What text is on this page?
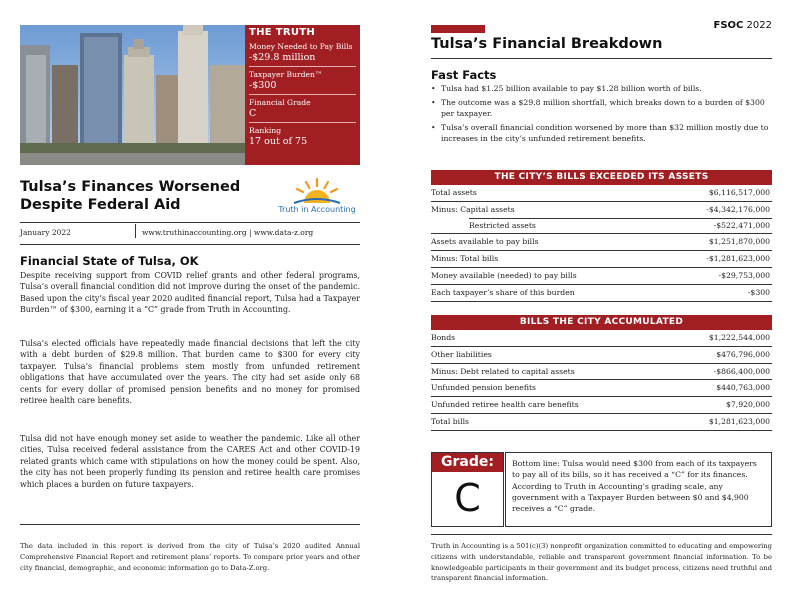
THE TRUTH
Money Needed to Pay Bills
-$29.8 million
Taxpayer Burden™
-$300
Financial Grade
C
Ranking
17 out of 75
Tulsa’s Finances Worsened
Despite Federal Aid	Truth in Accounting
January 2022	www.truthinaccounting.org | www.data-z.org
Financial State of Tulsa, OK
Despite receiving support from COVID relief grants and other federal programs, Tulsa’s overall financial condition did not improve during the onset of the pandemic. Based upon the city’s fiscal year 2020 audited financial report, Tulsa had a Taxpayer Burden™ of $300, earning it a “C” grade from Truth in Accounting.
Tulsa’s elected officials have repeatedly made financial decisions that left the city with a debt burden of $29.8 million. That burden came to $300 for every city taxpayer. Tulsa’s financial problems stem mostly from unfunded retirement obligations that have accumulated over the years. The city had set aside only 68 cents for every dollar of promised pension benefits and no money for promised retiree health care benefits.
Tulsa did not have enough money set aside to weather the pandemic. Like all other cities, Tulsa received federal assistance from the CARES Act and other COVID-19 related grants which came with stipulations on how the money could be spent. Also, the city has not been properly funding its pension and retiree health care promises which places a burden on future taxpayers.
The data included in this report is derived from the city of Tulsa’s 2020 audited Annual Comprehensive Financial Report and retirement plans’ reports. To compare prior years and other city financial, demographic, and economic information go to Data-Z.org.
FSOC 2022
Tulsa’s Financial Breakdown
Fast Facts
• Tulsa had $1.25 billion available to pay $1.28 billion worth of bills.
• The outcome was a $29.8 million shortfall, which breaks down to a burden of $300 per taxpayer.
• Tulsa’s overall financial condition worsened by more than $32 million mostly due to increases in the city’s unfunded retirement benefits.
THE CITY’S BILLS EXCEEDED ITS ASSETS
Total assets	$6,116,517,000
Minus: Capital assets	-$4,342,176,000
Restricted assets	-$522,471,000
Assets available to pay bills	$1,251,870,000
Minus: Total bills	-$1,281,623,000
Money available (needed) to pay bills	-$29,753,000
Each taxpayer’s share of this burden	-$300
BILLS THE CITY ACCUMULATED
Bonds	$1,222,544,000
Other liabilities	$476,796,000
Minus: Debt related to capital assets	-$866,400,000
Unfunded pension benefits	$440,763,000
Unfunded retiree health care benefits	$7,920,000
Total bills	$1,281,623,000
Grade:
C
Bottom line: Tulsa would need $300 from each of its taxpayers to pay all of its bills, so it has received a “C” for its finances. According to Truth in Accounting’s grading scale, any government with a Taxpayer Burden between $0 and $4,900 receives a “C” grade.
Truth in Accounting is a 501(c)(3) nonprofit organization committed to educating and empowering citizens with understandable, reliable and transparent government financial information. To be knowledgeable participants in their government and its budget process, citizens need truthful and transparent financial information.
